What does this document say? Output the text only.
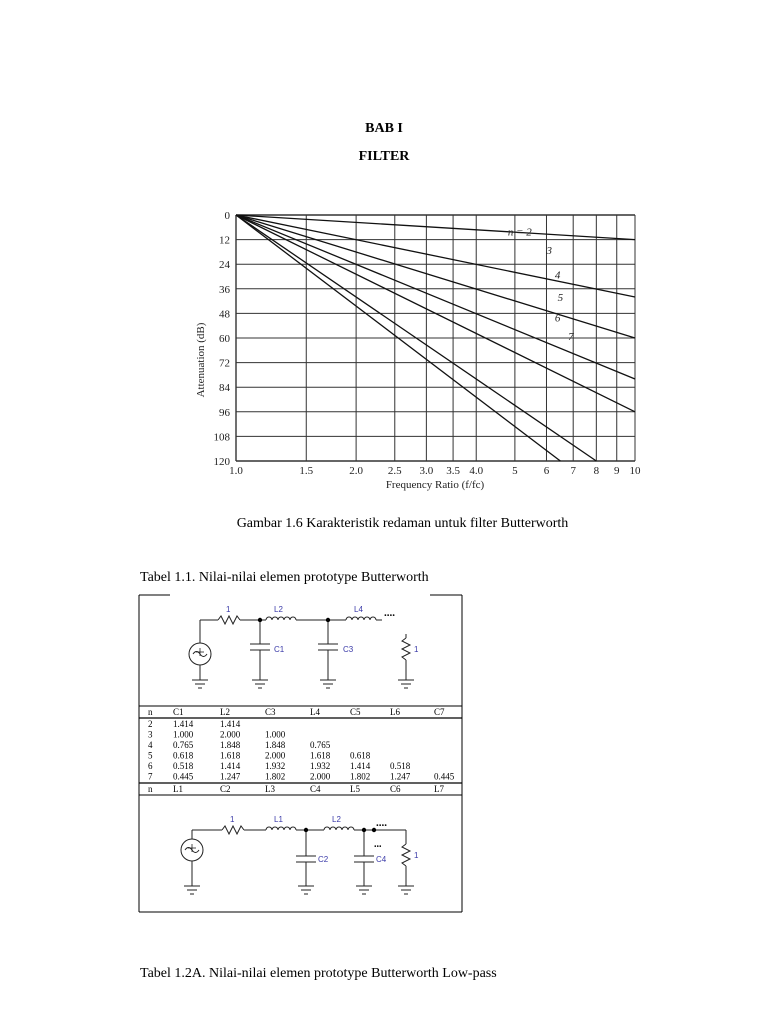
BAB I
FILTER
0
12
24
36
48
60
72
84
96
108
120
1.0	1.5	2.0 2.5 3.0 3.5 4.0	5 6 7 8 9 10
n = 2
3
4
5
6
7
Attenuation (dB)
Frequency Ratio (f/fc)
Gambar 1.6 Karakteristik redaman untuk filter Butterworth
Tabel 1.1. Nilai-nilai elemen prototype Butterworth
1	L2	L4 ....
C1	C3	1
n C1	L2	C3	L4	C5	L6	C7
2 1.414	1.414
3 1.000	2.000	1.000
4 0.765	1.848	1.848	0.765
5 0.618	1.618	2.000	1.618 0.618
6 0.518	1.414	1.932	1.932 1.414 0.518
7 0.445	1.247	1.802	2.000 1.802 1.247	0.445
n L1	C2	L3	C4	L5	C6	L7
1	L1	L2	....
C2	C4	1
...
Tabel 1.2A. Nilai-nilai elemen prototype Butterworth Low-pass
